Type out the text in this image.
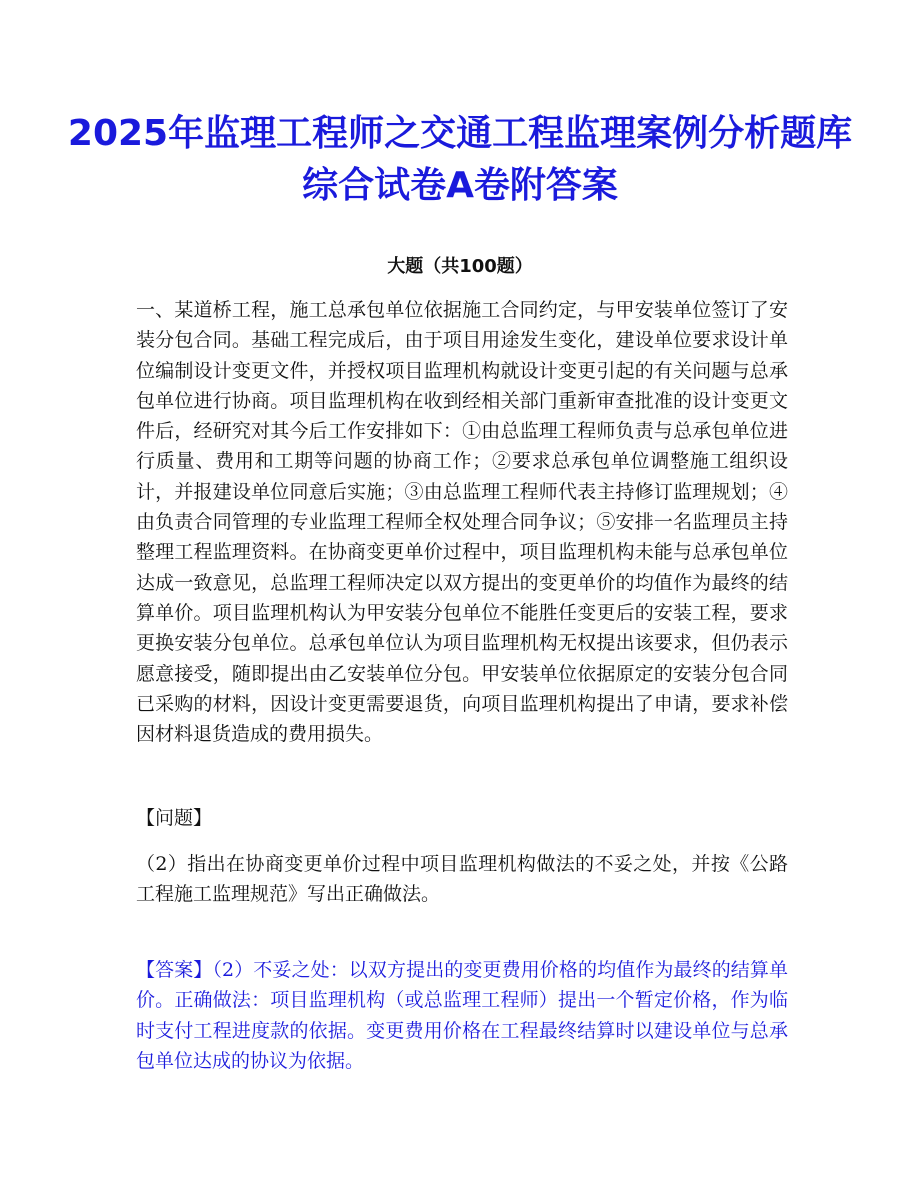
2025年监理工程师之交通工程监理案例分析题库综合试卷A卷附答案
大题（共100题）

一、某道桥工程，施工总承包单位依据施工合同约定，与甲安装单位签订了安装分包合同。基础工程完成后，由于项目用途发生变化，建设单位要求设计单位编制设计变更文件，并授权项目监理机构就设计变更引起的有关问题与总承包单位进行协商。项目监理机构在收到经相关部门重新审查批准的设计变更文件后，经研究对其今后工作安排如下：①由总监理工程师负责与总承包单位进行质量、费用和工期等问题的协商工作；②要求总承包单位调整施工组织设计，并报建设单位同意后实施；③由总监理工程师代表主持修订监理规划；④由负责合同管理的专业监理工程师全权处理合同争议；⑤安排一名监理员主持整理工程监理资料。在协商变更单价过程中，项目监理机构未能与总承包单位达成一致意见，总监理工程师决定以双方提出的变更单价的均值作为最终的结算单价。项目监理机构认为甲安装分包单位不能胜任变更后的安装工程，要求更换安装分包单位。总承包单位认为项目监理机构无权提出该要求，但仍表示愿意接受，随即提出由乙安装单位分包。甲安装单位依据原定的安装分包合同已采购的材料，因设计变更需要退货，向项目监理机构提出了申请，要求补偿因材料退货造成的费用损失。

【问题】

（2）指出在协商变更单价过程中项目监理机构做法的不妥之处，并按《公路工程施工监理规范》写出正确做法。

【答案】（2）不妥之处：以双方提出的变更费用价格的均值作为最终的结算单价。正确做法：项目监理机构（或总监理工程师）提出一个暂定价格，作为临时支付工程进度款的依据。变更费用价格在工程最终结算时以建设单位与总承包单位达成的协议为依据。
